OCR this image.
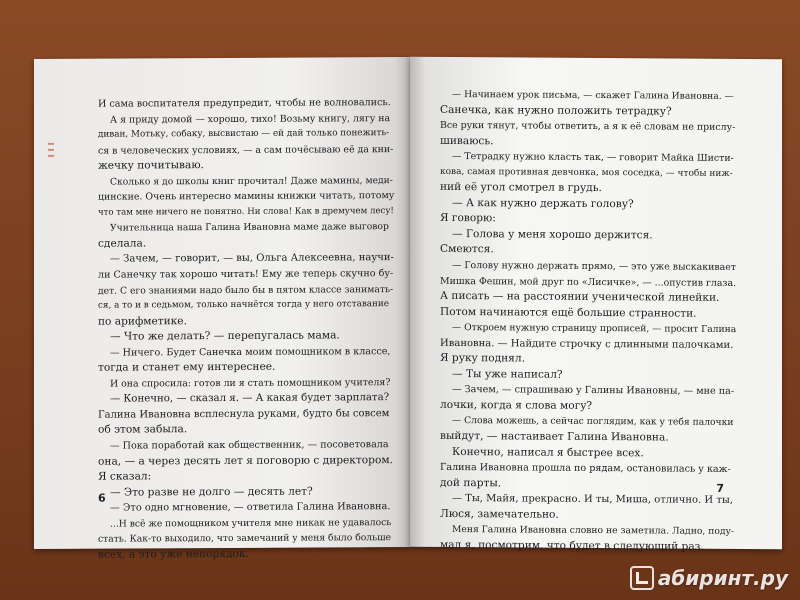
И сама воспитателя предупредит, чтобы не волновались.

А я приду домой — хорошо, тихо! Возьму книгу, лягу на

диван, Мотьку, собаку, высвистаю — ей дай только понежить-

ся в человеческих условиях, — а сам почёсываю её да кни-

жечку почитываю.

Сколько я до школы книг прочитал! Даже мамины, меди-

цинские. Очень интересно мамины книжки читать, потому

что там мне ничего не понятно. Ни слова! Как в дремучем лесу!

Учительница наша Галина Ивановна маме даже выговор

сделала.

— Зачем, — говорит, — вы, Ольга Алексеевна, научи-

ли Санечку так хорошо читать! Ему же теперь скучно бу-

дет. С его знаниями надо было бы в пятом классе занимать-

ся, а то и в седьмом, только начнётся тогда у него отставание

по арифметике.

— Что же делать? — перепугалась мама.

— Ничего. Будет Санечка моим помощником в классе,

тогда и станет ему интереснее.

И она спросила: готов ли я стать помощником учителя?

— Конечно, — сказал я. — А какая будет зарплата?

Галина Ивановна всплеснула руками, будто бы совсем

об этом забыла.

— Пока поработай как общественник, — посоветовала

она, — а через десять лет я поговорю с директором.

Я сказал:

— Это разве не долго — десять лет?

— Это одно мгновение, — ответила Галина Ивановна.

...Н всё же помощником учителя мне никак не удавалось

стать. Как-то выходило, что замечаний у меня было больше

всех, а это уже непорядок.

6

— Начинаем урок письма, — скажет Галина Ивановна. —

Санечка, как нужно положить тетрадку?

Все руки тянут, чтобы ответить, а я к её словам не прислу-

шиваюсь.

— Тетрадку нужно класть так, — говорит Майка Шисти-

кова, самая противная девчонка, моя соседка, — чтобы ниж-

ний её угол смотрел в грудь.

— А как нужно держать голову?

Я говорю:

— Голова у меня хорошо держится.

Смеются.

— Голову нужно держать прямо, — это уже выскакивает

Мишка Фешин, мой друг по «Лисичке», — ...опустив глаза.

А писать — на расстоянии ученической линейки.

Потом начинаются ещё большие странности.

— Откроем нужную страницу прописей, — просит Галина

Ивановна. — Найдите строчку с длинными палочками.

Я руку поднял.

— Ты уже написал?

— Зачем, — спрашиваю у Галины Ивановны, — мне па-

лочки, когда я слова могу?

— Слова можешь, а сейчас поглядим, как у тебя палочки

выйдут, — настаивает Галина Ивановна.

Конечно, написал я быстрее всех.

Галина Ивановна прошла по рядам, остановилась у каж-

дой парты.

— Ты, Майя, прекрасно. И ты, Миша, отлично. И ты,

Люся, замечательно.

Меня Галина Ивановна словно не заметила. Ладно, поду-

мал я, посмотрим, что будет в следующий раз.

7
абиринт.ру
